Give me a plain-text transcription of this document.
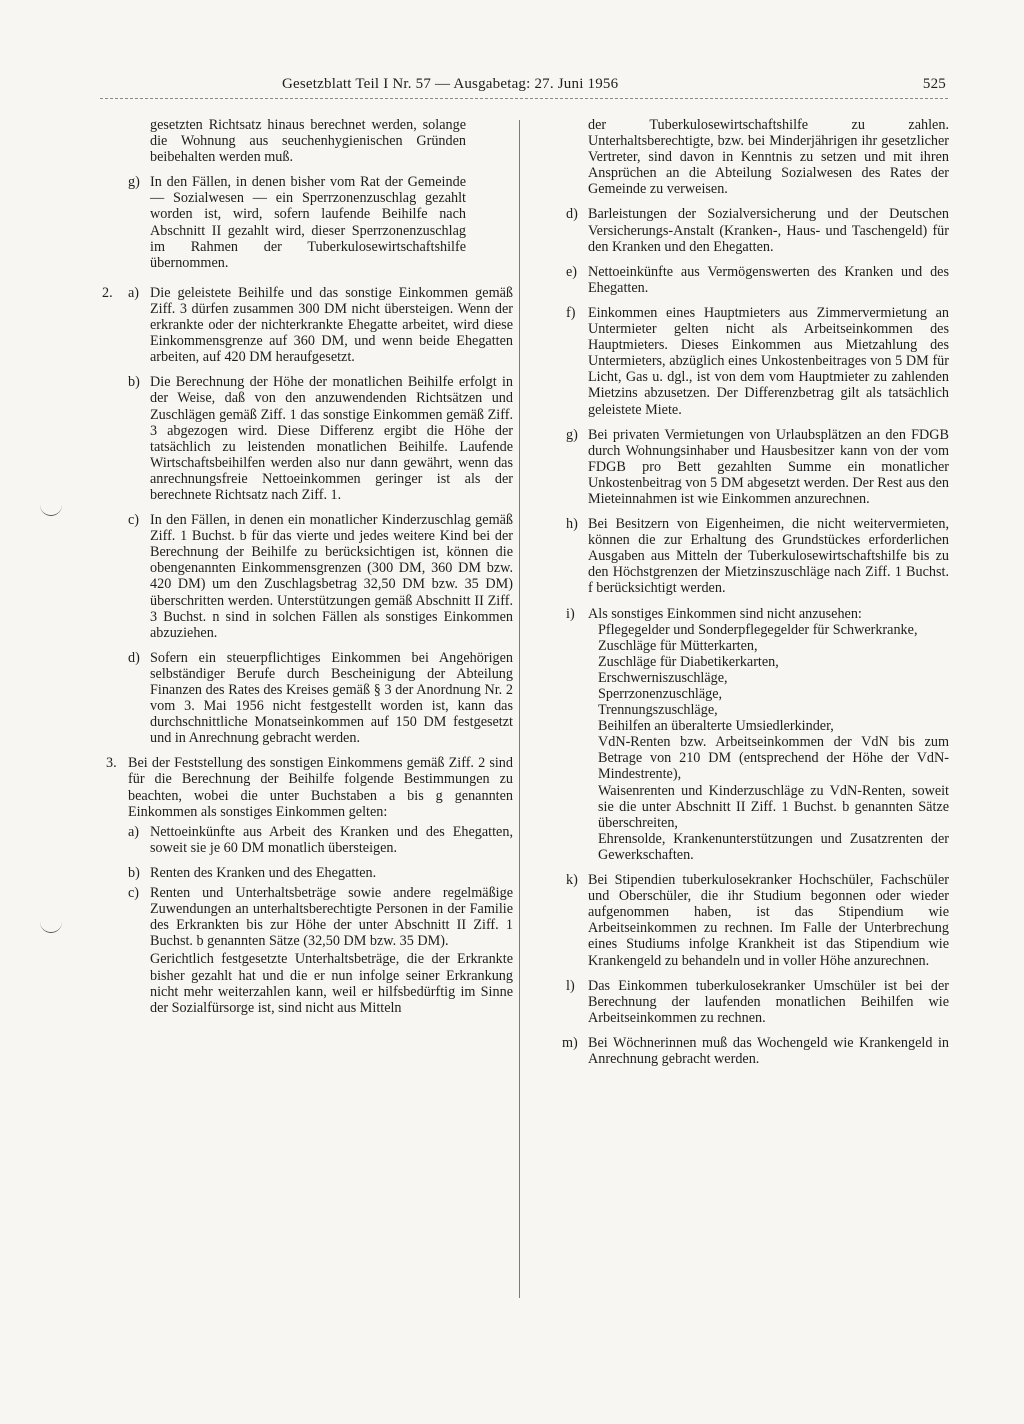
Gesetzblatt Teil I Nr. 57 — Ausgabetag: 27. Juni 1956	525

gesetzten Richtsatz hinaus berechnet werden, solange die Wohnung aus seuchenhygienischen Gründen beibehalten werden muß.

g) In den Fällen, in denen bisher vom Rat der Gemeinde — Sozialwesen — ein Sperrzonenzuschlag gezahlt worden ist, wird, sofern laufende Beihilfe nach Abschnitt II gezahlt wird, dieser Sperrzonenzuschlag im Rahmen der Tuberkulosewirtschaftshilfe übernommen.

2. a) Die geleistete Beihilfe und das sonstige Einkommen gemäß Ziff. 3 dürfen zusammen 300 DM nicht übersteigen. Wenn der erkrankte oder der nichterkrankte Ehegatte arbeitet, wird diese Einkommensgrenze auf 360 DM, und wenn beide Ehegatten arbeiten, auf 420 DM heraufgesetzt.

b) Die Berechnung der Höhe der monatlichen Beihilfe erfolgt in der Weise, daß von den anzuwendenden Richtsätzen und Zuschlägen gemäß Ziff. 1 das sonstige Einkommen gemäß Ziff. 3 abgezogen wird. Diese Differenz ergibt die Höhe der tatsächlich zu leistenden monatlichen Beihilfe. Laufende Wirtschaftsbeihilfen werden also nur dann gewährt, wenn das anrechnungsfreie Nettoeinkommen geringer ist als der berechnete Richtsatz nach Ziff. 1.

c) In den Fällen, in denen ein monatlicher Kinderzuschlag gemäß Ziff. 1 Buchst. b für das vierte und jedes weitere Kind bei der Berechnung der Beihilfe zu berücksichtigen ist, können die obengenannten Einkommensgrenzen (300 DM, 360 DM bzw. 420 DM) um den Zuschlagsbetrag 32,50 DM bzw. 35 DM) überschritten werden. Unterstützungen gemäß Abschnitt II Ziff. 3 Buchst. n sind in solchen Fällen als sonstiges Einkommen abzuziehen.

d) Sofern ein steuerpflichtiges Einkommen bei Angehörigen selbständiger Berufe durch Bescheinigung der Abteilung Finanzen des Rates des Kreises gemäß § 3 der Anordnung Nr. 2 vom 3. Mai 1956 nicht festgestellt worden ist, kann das durchschnittliche Monatseinkommen auf 150 DM festgesetzt und in Anrechnung gebracht werden.

3. Bei der Feststellung des sonstigen Einkommens gemäß Ziff. 2 sind für die Berechnung der Beihilfe folgende Bestimmungen zu beachten, wobei die unter Buchstaben a bis g genannten Einkommen als sonstiges Einkommen gelten:

a) Nettoeinkünfte aus Arbeit des Kranken und des Ehegatten, soweit sie je 60 DM monatlich übersteigen.

b) Renten des Kranken und des Ehegatten.

c) Renten und Unterhaltsbeträge sowie andere regelmäßige Zuwendungen an unterhaltsberechtigte Personen in der Familie des Erkrankten bis zur Höhe der unter Abschnitt II Ziff. 1 Buchst. b genannten Sätze (32,50 DM bzw. 35 DM).

Gerichtlich festgesetzte Unterhaltsbeträge, die der Erkrankte bisher gezahlt hat und die er nun infolge seiner Erkrankung nicht mehr weiterzahlen kann, weil er hilfsbedürftig im Sinne der Sozialfürsorge ist, sind nicht aus Mitteln

der Tuberkulosewirtschaftshilfe zu zahlen. Unterhaltsberechtigte, bzw. bei Minderjährigen ihr gesetzlicher Vertreter, sind davon in Kenntnis zu setzen und mit ihren Ansprüchen an die Abteilung Sozialwesen des Rates der Gemeinde zu verweisen.

d) Barleistungen der Sozialversicherung und der Deutschen Versicherungs-Anstalt (Kranken-, Haus- und Taschengeld) für den Kranken und den Ehegatten.

e) Nettoeinkünfte aus Vermögenswerten des Kranken und des Ehegatten.

f) Einkommen eines Hauptmieters aus Zimmervermietung an Untermieter gelten nicht als Arbeitseinkommen des Hauptmieters. Dieses Einkommen aus Mietzahlung des Untermieters, abzüglich eines Unkostenbeitrages von 5 DM für Licht, Gas u. dgl., ist von dem vom Hauptmieter zu zahlenden Mietzins abzusetzen. Der Differenzbetrag gilt als tatsächlich geleistete Miete.

g) Bei privaten Vermietungen von Urlaubsplätzen an den FDGB durch Wohnungsinhaber und Hausbesitzer kann von der vom FDGB pro Bett gezahlten Summe ein monatlicher Unkostenbeitrag von 5 DM abgesetzt werden. Der Rest aus den Mieteinnahmen ist wie Einkommen anzurechnen.

h) Bei Besitzern von Eigenheimen, die nicht weitervermieten, können die zur Erhaltung des Grundstückes erforderlichen Ausgaben aus Mitteln der Tuberkulosewirtschaftshilfe bis zu den Höchstgrenzen der Mietzinszuschläge nach Ziff. 1 Buchst. f berücksichtigt werden.

i) Als sonstiges Einkommen sind nicht anzusehen:

Pflegegelder und Sonderpflegegelder für Schwerkranke,
Zuschläge für Mütterkarten,
Zuschläge für Diabetikerkarten,
Erschwerniszuschläge,
Sperrzonenzuschläge,
Trennungszuschläge,
Beihilfen an überalterte Umsiedlerkinder,
VdN-Renten bzw. Arbeitseinkommen der VdN bis zum Betrage von 210 DM (entsprechend der Höhe der VdN-Mindestrente),
Waisenrenten und Kinderzuschläge zu VdN-Renten, soweit sie die unter Abschnitt II Ziff. 1 Buchst. b genannten Sätze überschreiten,
Ehrensolde, Krankenunterstützungen und Zusatzrenten der Gewerkschaften.
k) Bei Stipendien tuberkulosekranker Hochschüler, Fachschüler und Oberschüler, die ihr Studium begonnen oder wieder aufgenommen haben, ist das Stipendium wie Arbeitseinkommen zu rechnen. Im Falle der Unterbrechung eines Studiums infolge Krankheit ist das Stipendium wie Krankengeld zu behandeln und in voller Höhe anzurechnen.

l) Das Einkommen tuberkulosekranker Umschüler ist bei der Berechnung der laufenden monatlichen Beihilfen wie Arbeitseinkommen zu rechnen.

m) Bei Wöchnerinnen muß das Wochengeld wie Krankengeld in Anrechnung gebracht werden.
